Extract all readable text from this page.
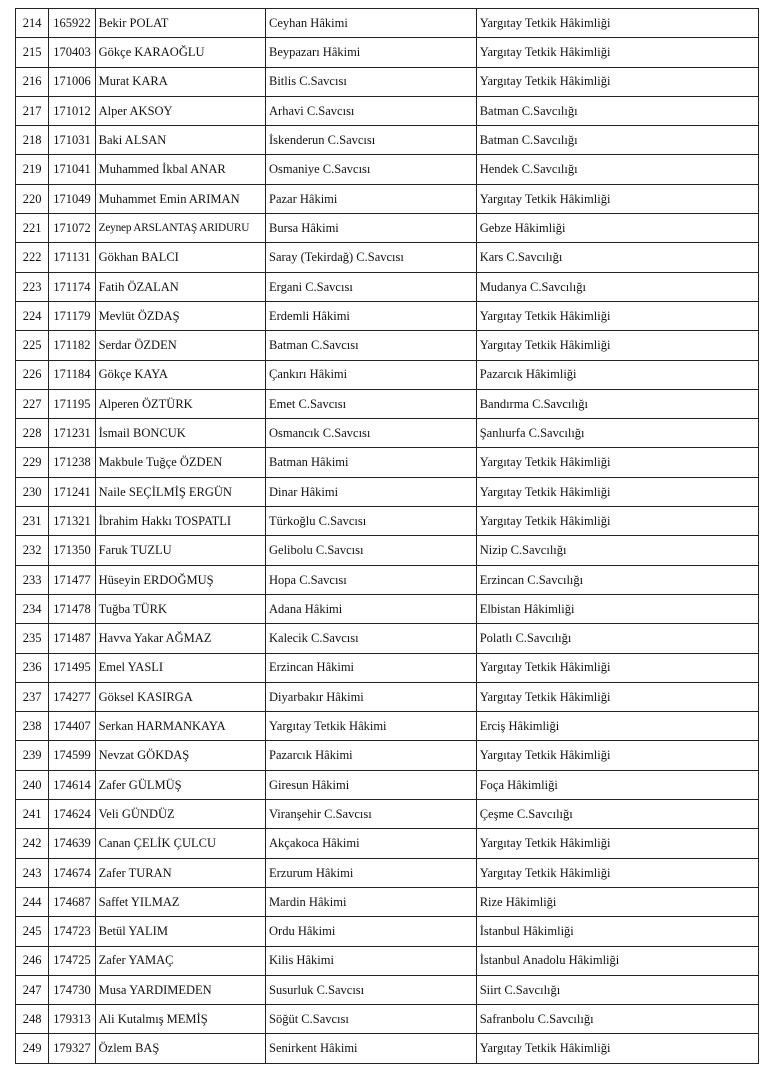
214	165922	Bekir POLAT	Ceyhan Hâkimi	Yargıtay Tetkik Hâkimliği
215	170403	Gökçe KARAOĞLU	Beypazarı Hâkimi	Yargıtay Tetkik Hâkimliği
216	171006	Murat KARA	Bitlis C.Savcısı	Yargıtay Tetkik Hâkimliği
217	171012	Alper AKSOY	Arhavi C.Savcısı	Batman C.Savcılığı
218	171031	Baki ALSAN	İskenderun C.Savcısı	Batman C.Savcılığı
219	171041	Muhammed İkbal ANAR	Osmaniye C.Savcısı	Hendek C.Savcılığı
220	171049	Muhammet Emin ARIMAN	Pazar Hâkimi	Yargıtay Tetkik Hâkimliği
221	171072	Zeynep ARSLANTAŞ ARIDURU	Bursa Hâkimi	Gebze Hâkimliği
222	171131	Gökhan BALCI	Saray (Tekirdağ) C.Savcısı	Kars C.Savcılığı
223	171174	Fatih ÖZALAN	Ergani C.Savcısı	Mudanya C.Savcılığı
224	171179	Mevlüt ÖZDAŞ	Erdemli Hâkimi	Yargıtay Tetkik Hâkimliği
225	171182	Serdar ÖZDEN	Batman C.Savcısı	Yargıtay Tetkik Hâkimliği
226	171184	Gökçe KAYA	Çankırı Hâkimi	Pazarcık Hâkimliği
227	171195	Alperen ÖZTÜRK	Emet C.Savcısı	Bandırma C.Savcılığı
228	171231	İsmail BONCUK	Osmancık C.Savcısı	Şanlıurfa C.Savcılığı
229	171238	Makbule Tuğçe ÖZDEN	Batman Hâkimi	Yargıtay Tetkik Hâkimliği
230	171241	Naile SEÇİLMİŞ ERGÜN	Dinar Hâkimi	Yargıtay Tetkik Hâkimliği
231	171321	İbrahim Hakkı TOSPATLI	Türkoğlu C.Savcısı	Yargıtay Tetkik Hâkimliği
232	171350	Faruk TUZLU	Gelibolu C.Savcısı	Nizip C.Savcılığı
233	171477	Hüseyin ERDOĞMUŞ	Hopa C.Savcısı	Erzincan C.Savcılığı
234	171478	Tuğba TÜRK	Adana Hâkimi	Elbistan Hâkimliği
235	171487	Havva Yakar AĞMAZ	Kalecik C.Savcısı	Polatlı C.Savcılığı
236	171495	Emel YASLI	Erzincan Hâkimi	Yargıtay Tetkik Hâkimliği
237	174277	Göksel KASIRGA	Diyarbakır Hâkimi	Yargıtay Tetkik Hâkimliği
238	174407	Serkan HARMANKAYA	Yargıtay Tetkik Hâkimi	Erciş Hâkimliği
239	174599	Nevzat GÖKDAŞ	Pazarcık Hâkimi	Yargıtay Tetkik Hâkimliği
240	174614	Zafer GÜLMÜŞ	Giresun Hâkimi	Foça Hâkimliği
241	174624	Veli GÜNDÜZ	Viranşehir C.Savcısı	Çeşme C.Savcılığı
242	174639	Canan ÇELİK ÇULCU	Akçakoca Hâkimi	Yargıtay Tetkik Hâkimliği
243	174674	Zafer TURAN	Erzurum Hâkimi	Yargıtay Tetkik Hâkimliği
244	174687	Saffet YILMAZ	Mardin Hâkimi	Rize Hâkimliği
245	174723	Betül YALIM	Ordu Hâkimi	İstanbul Hâkimliği
246	174725	Zafer YAMAÇ	Kilis Hâkimi	İstanbul Anadolu Hâkimliği
247	174730	Musa YARDIMEDEN	Susurluk C.Savcısı	Siirt C.Savcılığı
248	179313	Ali Kutalmış MEMİŞ	Söğüt C.Savcısı	Safranbolu C.Savcılığı
249	179327	Özlem BAŞ	Senirkent Hâkimi	Yargıtay Tetkik Hâkimliği
